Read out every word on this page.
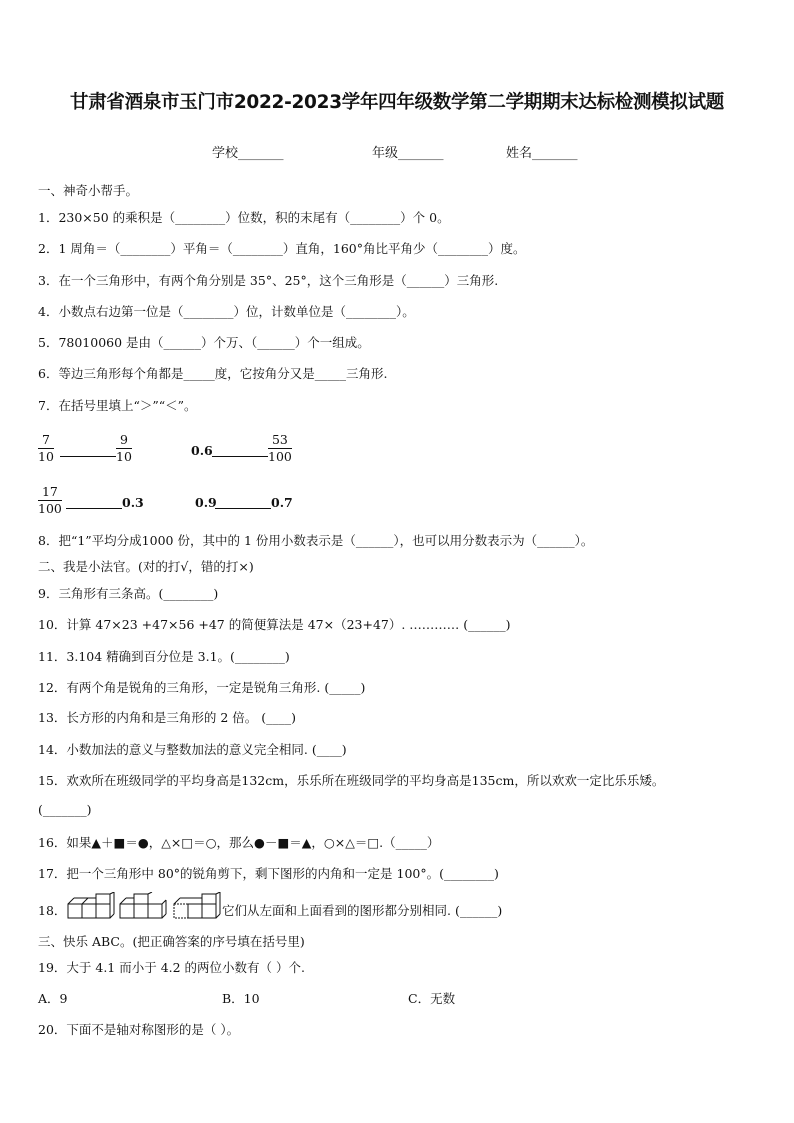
甘肃省酒泉市玉门市2022-2023学年四年级数学第二学期期末达标检测模拟试题
学校_______	年级_______	姓名_______
一、神奇小帮手。
1．230×50 的乘积是（________）位数，积的末尾有（________）个 0。
2．1 周角＝（________）平角＝（________）直角，160°角比平角少（________）度。
3．在一个三角形中，有两个角分别是 35°、25°，这个三角形是（______）三角形.
4．小数点右边第一位是（________）位，计数单位是（________）。
5．78010060 是由（______）个万、（______）个一组成。
6．等边三角形每个角都是_____度，它按角分又是_____三角形.
7．在括号里填上“＞”“＜”。
7
10
9
10	0.6
53
100
17
100	0.3	0.9	0.7
8．把“1”平均分成1000 份，其中的 1 份用小数表示是（______），也可以用分数表示为（______）。
二、我是小法官。(对的打√，错的打×)
9．三角形有三条高。(________)
10．计算 47×23 +47×56 +47 的简便算法是 47×（23+47）. ………… (______)
11．3.104 精确到百分位是 3.1。(________)
12．有两个角是锐角的三角形，一定是锐角三角形. (_____)
13．长方形的内角和是三角形的 2 倍。 (____)
14．小数加法的意义与整数加法的意义完全相同. (____)
15．欢欢所在班级同学的平均身高是132cm，乐乐所在班级同学的平均身高是135cm，所以欢欢一定比乐乐矮。
(_______)
16．如果▲＋■＝●，△×□＝○，那么●－■＝▲，○×△＝□.（_____）
17．把一个三角形中 80°的锐角剪下，剩下图形的内角和一定是 100°。(________)
18．	它们从左面和上面看到的图形都分别相同. (______)
三、快乐 ABC。(把正确答案的序号填在括号里)
19．大于 4.1 而小于 4.2 的两位小数有（ ）个.
A．9	B．10	C．无数
20．下面不是轴对称图形的是（ ）。
